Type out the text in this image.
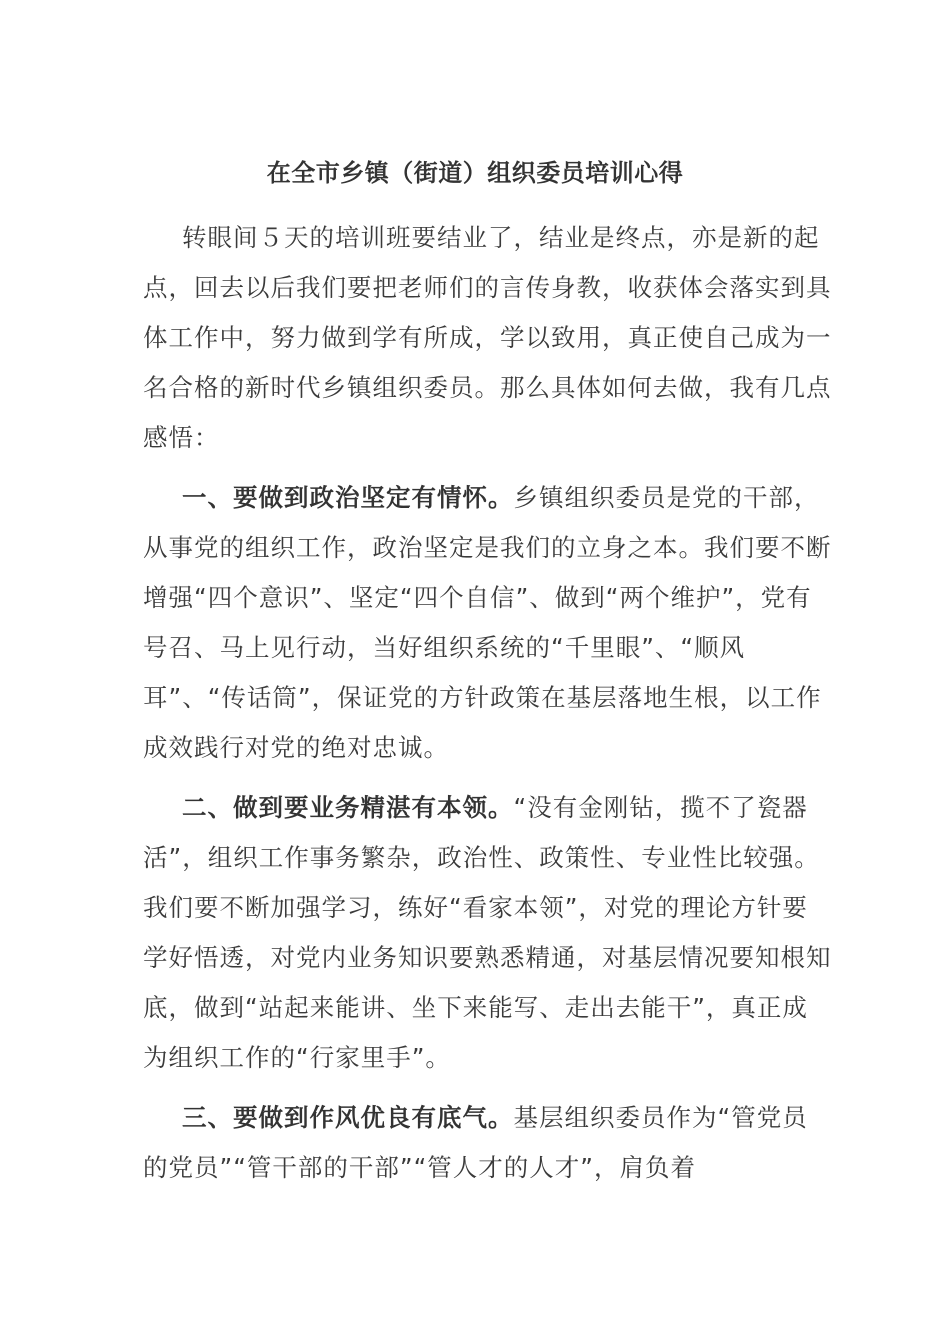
在全市乡镇（街道）组织委员培训心得

转眼间５天的培训班要结业了，结业是终点，亦是新的起点，回去以后我们要把老师们的言传身教，收获体会落实到具体工作中，努力做到学有所成，学以致用，真正使自己成为一名合格的新时代乡镇组织委员。那么具体如何去做，我有几点感悟：

一、要做到政治坚定有情怀。乡镇组织委员是党的干部，从事党的组织工作，政治坚定是我们的立身之本。我们要不断增强“四个意识”、坚定“四个自信”、做到“两个维护”，党有号召、马上见行动，当好组织系统的“千里眼”、“顺风耳”、“传话筒”，保证党的方针政策在基层落地生根，以工作成效践行对党的绝对忠诚。

二、做到要业务精湛有本领。“没有金刚钻，揽不了瓷器活”，组织工作事务繁杂，政治性、政策性、专业性比较强。我们要不断加强学习，练好“看家本领”，对党的理论方针要学好悟透，对党内业务知识要熟悉精通，对基层情况要知根知底，做到“站起来能讲、坐下来能写、走出去能干”，真正成为组织工作的“行家里手”。

三、要做到作风优良有底气。基层组织委员作为“管党员的党员”“管干部的干部”“管人才的人才”，肩负着
